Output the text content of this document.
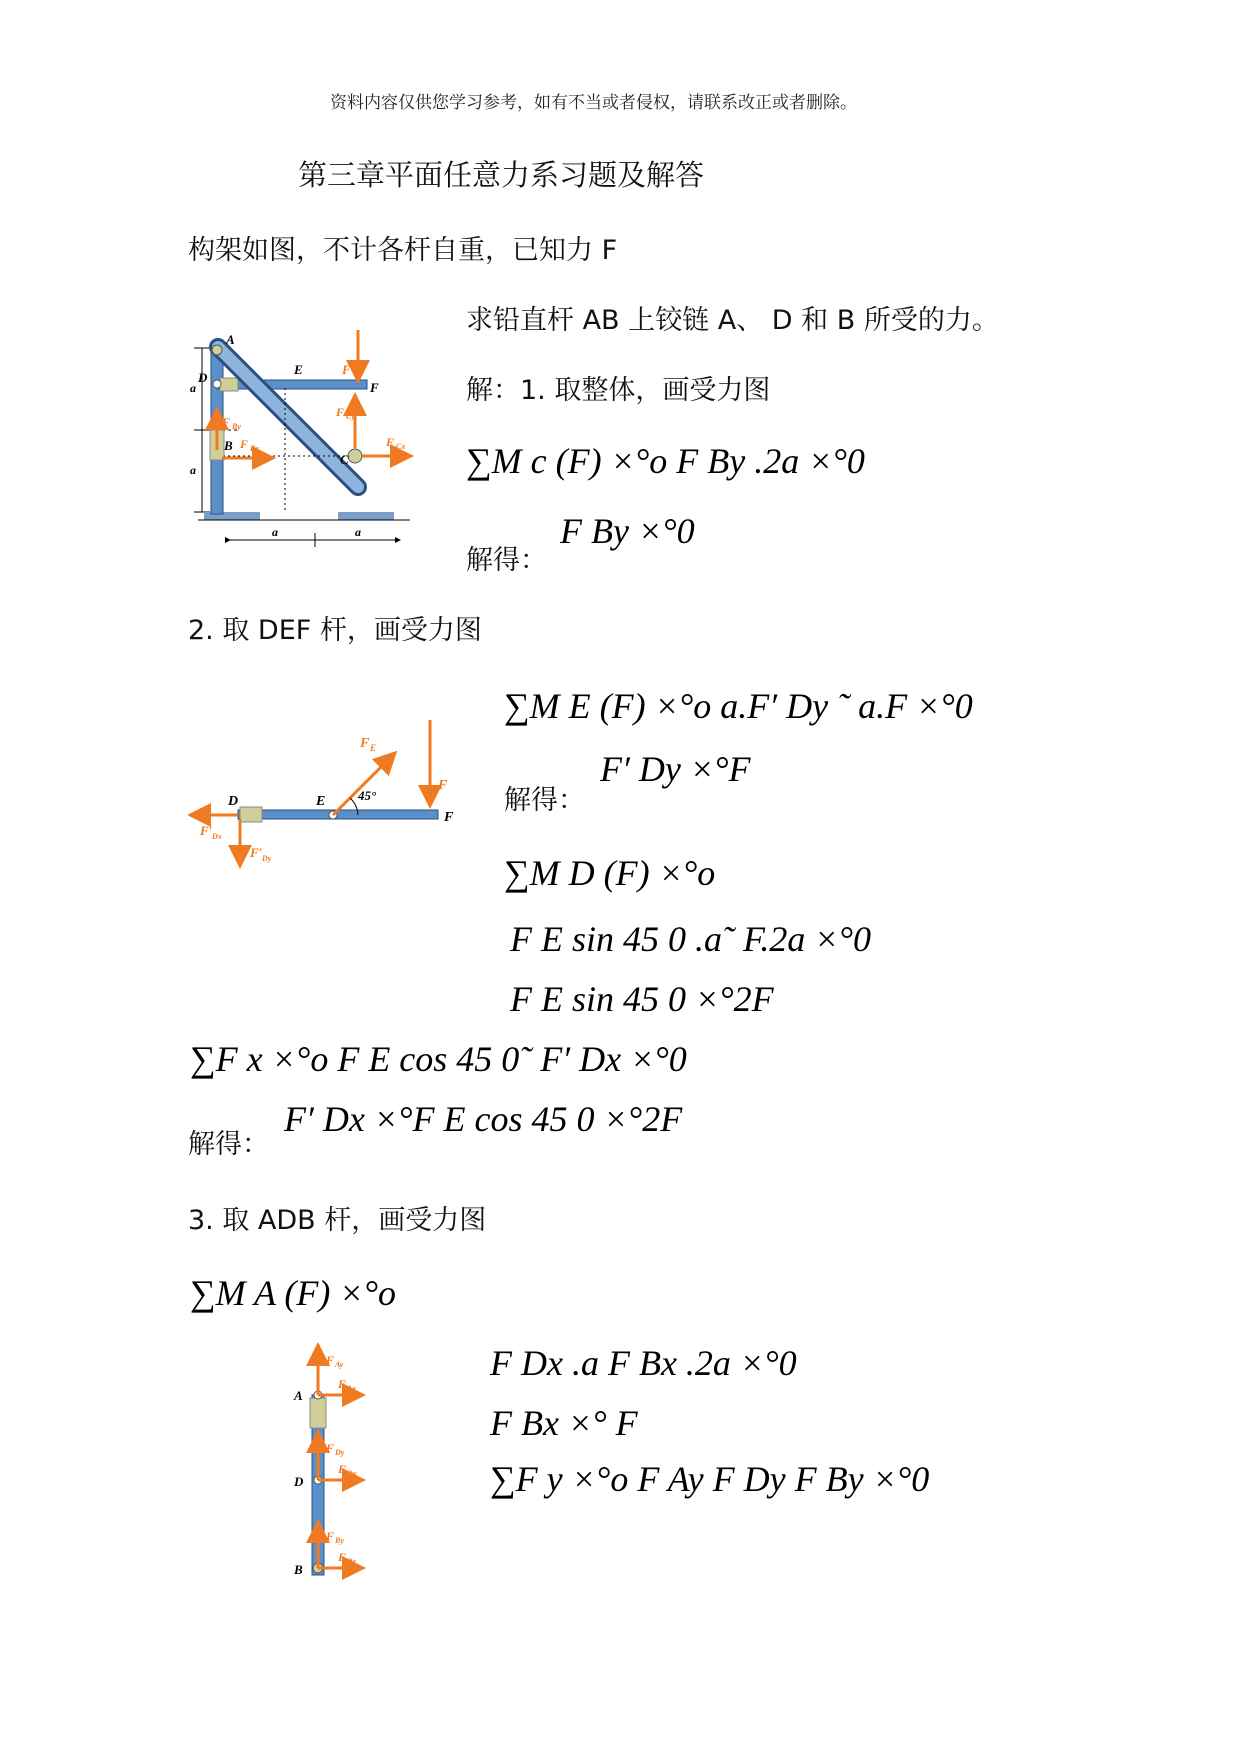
资料内容仅供您学习参考，如有不当或者侵权，请联系改正或者删除。
第三章平面任意力系习题及解答
构架如图，不计各杆自重，已知力 F
求铅直杆 AB 上铰链 A、 D 和 B 所受的力。
解：1. 取整体，画受力图
a
a
a	a
A
D
E
F
B
C
F
F By
F Bx
F Cy
F Cx ∑M c (F) ×°o F By .2a ×°0
解得：
F By ×°0
2. 取 DEF 杆，画受力图
D	E
F
45°
F E
F
F′ Dx
F′ Dy
∑M E (F) ×°o a.F′ Dy ˜ a.F ×°0
解得：
F′ Dy ×°F
∑M D (F) ×°o
F E sin 45 0 .a˜ F.2a ×°0
F E sin 45 0 ×°2F
∑F x ×°o F E cos 45 0˜ F′ Dx ×°0
解得：
F′ Dx ×°F E cos 45 0 ×°2F
3. 取 ADB 杆，画受力图
∑M A (F) ×°o
A
D
B
F Ay
F Ax
F Dy
F Dx
F By
F Bx
F Dx .a F Bx .2a ×°0
F Bx ×° F
∑F y ×°o F Ay F Dy F By ×°0
